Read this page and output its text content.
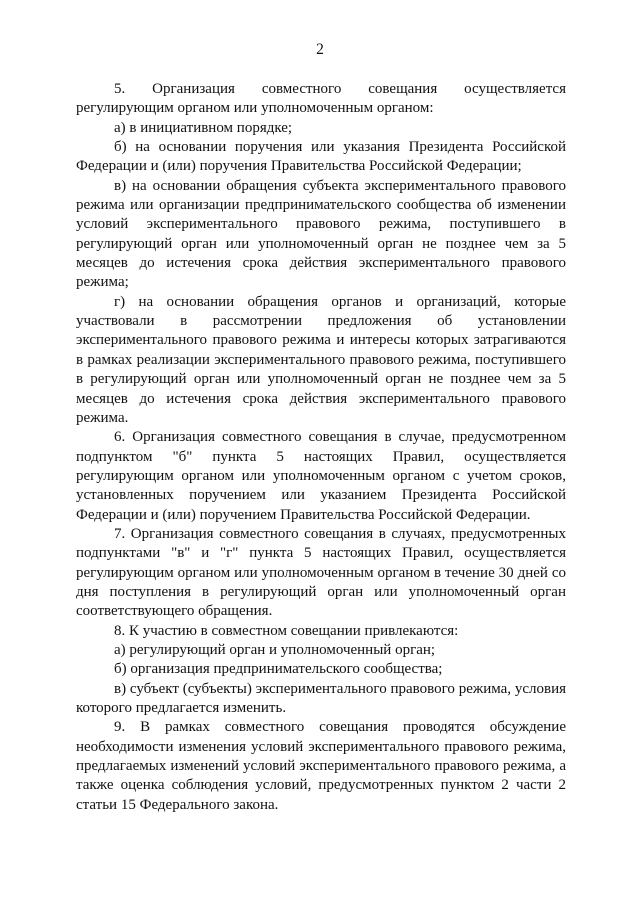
2

5. Организация совместного совещания осуществляется регулирующим органом или уполномоченным органом:

а) в инициативном порядке;

б) на основании поручения или указания Президента Российской Федерации и (или) поручения Правительства Российской Федерации;

в) на основании обращения субъекта экспериментального правового режима или организации предпринимательского сообщества об изменении условий экспериментального правового режима, поступившего в регулирующий орган или уполномоченный орган не позднее чем за 5 месяцев до истечения срока действия экспериментального правового режима;

г) на основании обращения органов и организаций, которые участвовали в рассмотрении предложения об установлении экспериментального правового режима и интересы которых затрагиваются в рамках реализации экспериментального правового режима, поступившего в регулирующий орган или уполномоченный орган не позднее чем за 5 месяцев до истечения срока действия экспериментального правового режима.

6. Организация совместного совещания в случае, предусмотренном подпунктом "б" пункта 5 настоящих Правил, осуществляется регулирующим органом или уполномоченным органом с учетом сроков, установленных поручением или указанием Президента Российской Федерации и (или) поручением Правительства Российской Федерации.

7. Организация совместного совещания в случаях, предусмотренных подпунктами "в" и "г" пункта 5 настоящих Правил, осуществляется регулирующим органом или уполномоченным органом в течение 30 дней со дня поступления в регулирующий орган или уполномоченный орган соответствующего обращения.

8. К участию в совместном совещании привлекаются:

а) регулирующий орган и уполномоченный орган;

б) организация предпринимательского сообщества;

в) субъект (субъекты) экспериментального правового режима, условия которого предлагается изменить.

9. В рамках совместного совещания проводятся обсуждение необходимости изменения условий экспериментального правового режима, предлагаемых изменений условий экспериментального правового режима, а также оценка соблюдения условий, предусмотренных пунктом 2 части 2 статьи 15 Федерального закона.
